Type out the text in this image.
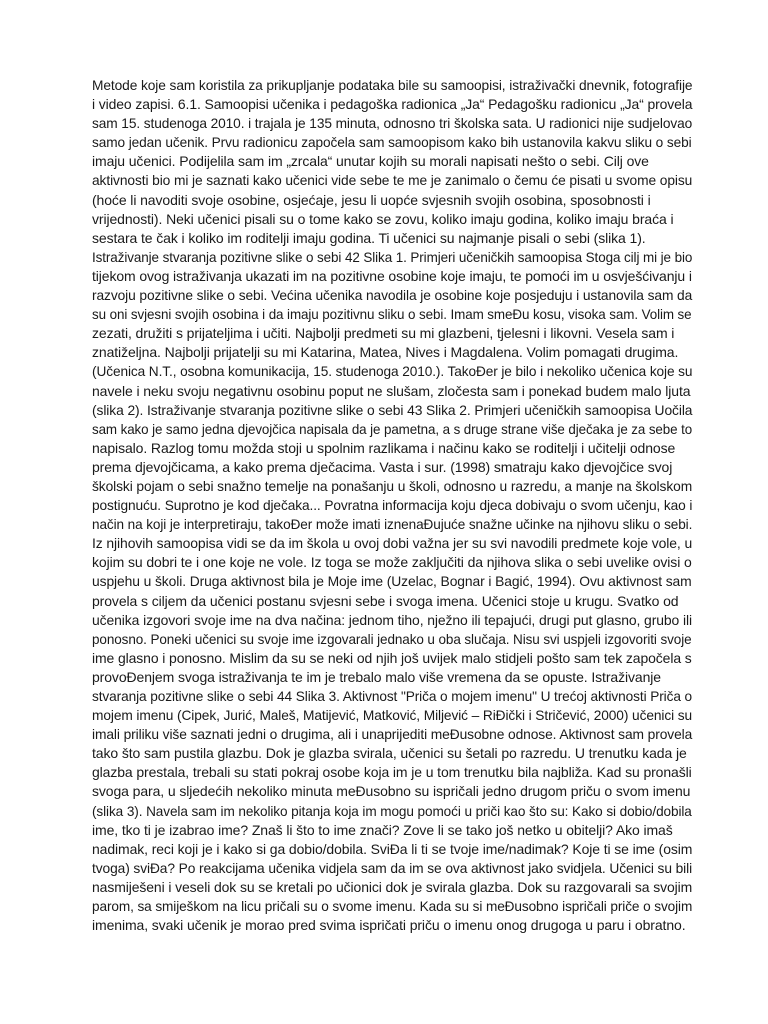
Metode koje sam koristila za prikupljanje podataka bile su samoopisi, istraživački dnevnik, fotografije
i video zapisi. 6.1. Samoopisi učenika i pedagoška radionica „Ja“ Pedagošku radionicu „Ja“ provela
sam 15. studenoga 2010. i trajala je 135 minuta, odnosno tri školska sata. U radionici nije sudjelovao
samo jedan učenik. Prvu radionicu započela sam samoopisom kako bih ustanovila kakvu sliku o sebi
imaju učenici. Podijelila sam im „zrcala“ unutar kojih su morali napisati nešto o sebi. Cilj ove
aktivnosti bio mi je saznati kako učenici vide sebe te me je zanimalo o čemu će pisati u svome opisu
(hoće li navoditi svoje osobine, osjećaje, jesu li uopće svjesnih svojih osobina, sposobnosti i
vrijednosti). Neki učenici pisali su o tome kako se zovu, koliko imaju godina, koliko imaju braća i
sestara te čak i koliko im roditelji imaju godina. Ti učenici su najmanje pisali o sebi (slika 1).
Istraživanje stvaranja pozitivne slike o sebi 42 Slika 1. Primjeri učeničkih samoopisa Stoga cilj mi je bio
tijekom ovog istraživanja ukazati im na pozitivne osobine koje imaju, te pomoći im u osvješćivanju i
razvoju pozitivne slike o sebi. Većina učenika navodila je osobine koje posjeduju i ustanovila sam da
su oni svjesni svojih osobina i da imaju pozitivnu sliku o sebi. Imam smeĐu kosu, visoka sam. Volim se
zezati, družiti s prijateljima i učiti. Najbolji predmeti su mi glazbeni, tjelesni i likovni. Vesela sam i
znatiželjna. Najbolji prijatelji su mi Katarina, Matea, Nives i Magdalena. Volim pomagati drugima.
(Učenica N.T., osobna komunikacija, 15. studenoga 2010.). TakoĐer je bilo i nekoliko učenica koje su
navele i neku svoju negativnu osobinu poput ne slušam, zločesta sam i ponekad budem malo ljuta
(slika 2). Istraživanje stvaranja pozitivne slike o sebi 43 Slika 2. Primjeri učeničkih samoopisa Uočila
sam kako je samo jedna djevojčica napisala da je pametna, a s druge strane više dječaka je za sebe to
napisalo. Razlog tomu možda stoji u spolnim razlikama i načinu kako se roditelji i učitelji odnose
prema djevojčicama, a kako prema dječacima. Vasta i sur. (1998) smatraju kako djevojčice svoj
školski pojam o sebi snažno temelje na ponašanju u školi, odnosno u razredu, a manje na školskom
postignuću. Suprotno je kod dječaka... Povratna informacija koju djeca dobivaju o svom učenju, kao i
način na koji je interpretiraju, takoĐer može imati iznenaĐujuće snažne učinke na njihovu sliku o sebi.
Iz njihovih samoopisa vidi se da im škola u ovoj dobi važna jer su svi navodili predmete koje vole, u
kojim su dobri te i one koje ne vole. Iz toga se može zaključiti da njihova slika o sebi uvelike ovisi o
uspjehu u školi. Druga aktivnost bila je Moje ime (Uzelac, Bognar i Bagić, 1994). Ovu aktivnost sam
provela s ciljem da učenici postanu svjesni sebe i svoga imena. Učenici stoje u krugu. Svatko od
učenika izgovori svoje ime na dva načina: jednom tiho, nježno ili tepajući, drugi put glasno, grubo ili
ponosno. Poneki učenici su svoje ime izgovarali jednako u oba slučaja. Nisu svi uspjeli izgovoriti svoje
ime glasno i ponosno. Mislim da su se neki od njih još uvijek malo stidjeli pošto sam tek započela s
provoĐenjem svoga istraživanja te im je trebalo malo više vremena da se opuste. Istraživanje
stvaranja pozitivne slike o sebi 44 Slika 3. Aktivnost "Priča o mojem imenu" U trećoj aktivnosti Priča o
mojem imenu (Cipek, Jurić, Maleš, Matijević, Matković, Miljević – RiĐički i Stričević, 2000) učenici su
imali priliku više saznati jedni o drugima, ali i unaprijediti meĐusobne odnose. Aktivnost sam provela
tako što sam pustila glazbu. Dok je glazba svirala, učenici su šetali po razredu. U trenutku kada je
glazba prestala, trebali su stati pokraj osobe koja im je u tom trenutku bila najbliža. Kad su pronašli
svoga para, u sljedećih nekoliko minuta meĐusobno su ispričali jedno drugom priču o svom imenu
(slika 3). Navela sam im nekoliko pitanja koja im mogu pomoći u priči kao što su: Kako si dobio/dobila
ime, tko ti je izabrao ime? Znaš li što to ime znači? Zove li se tako još netko u obitelji? Ako imaš
nadimak, reci koji je i kako si ga dobio/dobila. SviĐa li ti se tvoje ime/nadimak? Koje ti se ime (osim
tvoga) sviĐa? Po reakcijama učenika vidjela sam da im se ova aktivnost jako svidjela. Učenici su bili
nasmiješeni i veseli dok su se kretali po učionici dok je svirala glazba. Dok su razgovarali sa svojim
parom, sa smiješkom na licu pričali su o svome imenu. Kada su si meĐusobno ispričali priče o svojim
imenima, svaki učenik je morao pred svima ispričati priču o imenu onog drugoga u paru i obratno.
